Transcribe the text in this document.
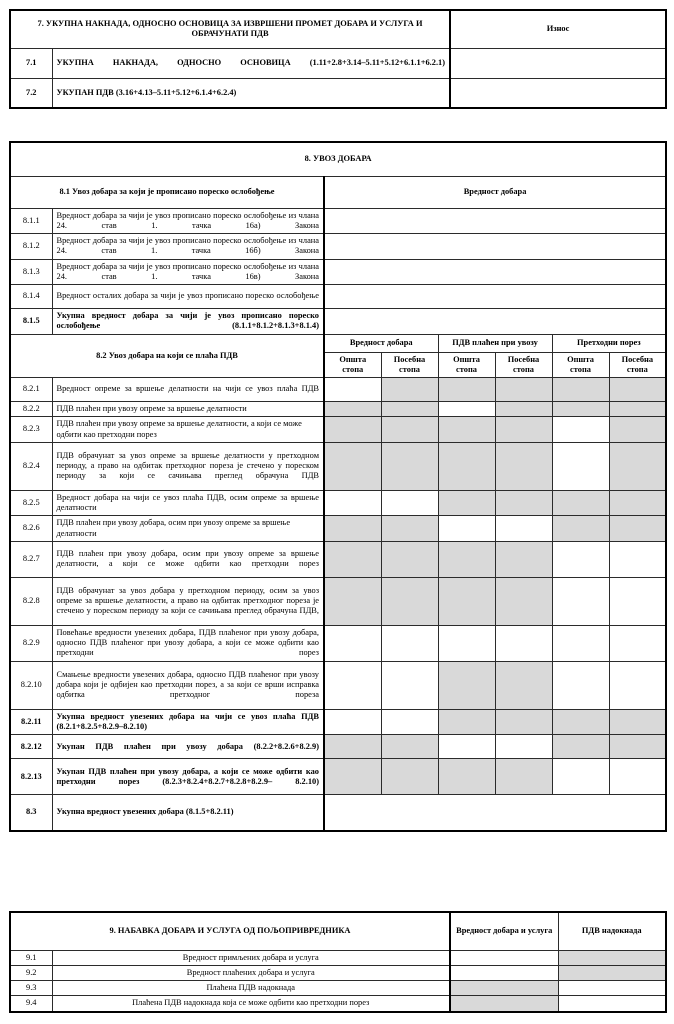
7. УКУПНА НАКНАДА, ОДНОСНО ОСНОВИЦА ЗА ИЗВРШЕНИ ПРОМЕТ ДОБАРА И УСЛУГА И ОБРАЧУНАТИ ПДВ		Износ
7.1	УКУПНА НАКНАДА, ОДНОСНО ОСНОВИЦА (1.11+2.8+3.14–5.11+5.12+6.1.1+6.2.1)	
7.2	УКУПАН ПДВ (3.16+4.13–5.11+5.12+6.1.4+6.2.4)	
8. УВОЗ ДОБАРА							
8.1 Увоз добара за који је прописано пореско ослобођење		Вредност добара					
8.1.1	Вредност добара за чији је увоз прописано пореско ослобођење из члана 24. став 1. тачка 16а) Закона						
8.1.2	Вредност добара за чији је увоз прописано пореско ослобођење из члана 24. став 1. тачка 16б) Закона						
8.1.3	Вредност добара за чији је увоз прописано пореско ослобођење из члана 24. став 1. тачка 16в) Закона						
8.1.4	Вредност осталих добара за чији је увоз прописано пореско ослобођење						
8.1.5	Укупна вредност добара за чији је увоз прописано пореско ослобођење (8.1.1+8.1.2+8.1.3+8.1.4)						
8.2 Увоз добара на који се плаћа ПДВ		Вредност добара		ПДВ плаћен при увозу		Претходни порез	
		Општа стопа	Посебна стопа	Општа стопа	Посебна стопа	Општа стопа	Посебна стопа
8.2.1	Вредност опреме за вршење делатности на чији се увоз плаћа ПДВ						
8.2.2	ПДВ плаћен при увозу опреме за вршење делатности						
8.2.3	ПДВ плаћен при увозу опреме за вршење делатности, а који се може одбити као претходни порез						
8.2.4	ПДВ обрачунат за увоз опреме за вршење делатности у претходном периоду, а право на одбитак претходног пореза је стечено у пореском периоду за који се сачињава преглед обрачуна ПДВ						
8.2.5	Вредност добара на чији се увоз плаћа ПДВ, осим опреме за вршење делатности						
8.2.6	ПДВ плаћен при увозу добара, осим при увозу опреме за вршење делатности						
8.2.7	ПДВ плаћен при увозу добара, осим при увозу опреме за вршење делатности, а који се може одбити као претходни порез						
8.2.8	ПДВ обрачунат за увоз добара у претходном периоду, осим за увоз опреме за вршење делатности, а право на одбитак претходног пореза је стечено у пореском периоду за који се сачињава преглед обрачуна ПДВ,						
8.2.9	Повећање вредности увезених добара, ПДВ плаћеног при увозу добара, односно ПДВ плаћеног при увозу добара, а који се може одбити као претходни порез						
8.2.10	Смањење вредности увезених добара, односно ПДВ плаћеног при увозу добара који је одбијен као претходни порез, а за који се врши исправка одбитка претходног пореза						
8.2.11	Укупна вредност увезених добара на чији се увоз плаћа ПДВ (8.2.1+8.2.5+8.2.9–8.2.10)						
8.2.12	Укупан ПДВ плаћен при увозу добара (8.2.2+8.2.6+8.2.9)						
8.2.13	Укупан ПДВ плаћен при увозу добара, а који се може одбити као претходни порез (8.2.3+8.2.4+8.2.7+8.2.8+8.2.9– 8.2.10)						
8.3	Укупна вредност увезених добара (8.1.5+8.2.11)						
9. НАБАВКА ДОБАРА И УСЛУГА ОД ПОЉОПРИВРЕДНИКА		Вредност добара и услуга	ПДВ надокнада
9.1	Вредност примљених добара и услуга		
9.2	Вредност плаћених добара и услуга		
9.3	Плаћена ПДВ надокнада		
9.4	Плаћена ПДВ надокнада која се може одбити као претходни порез		
